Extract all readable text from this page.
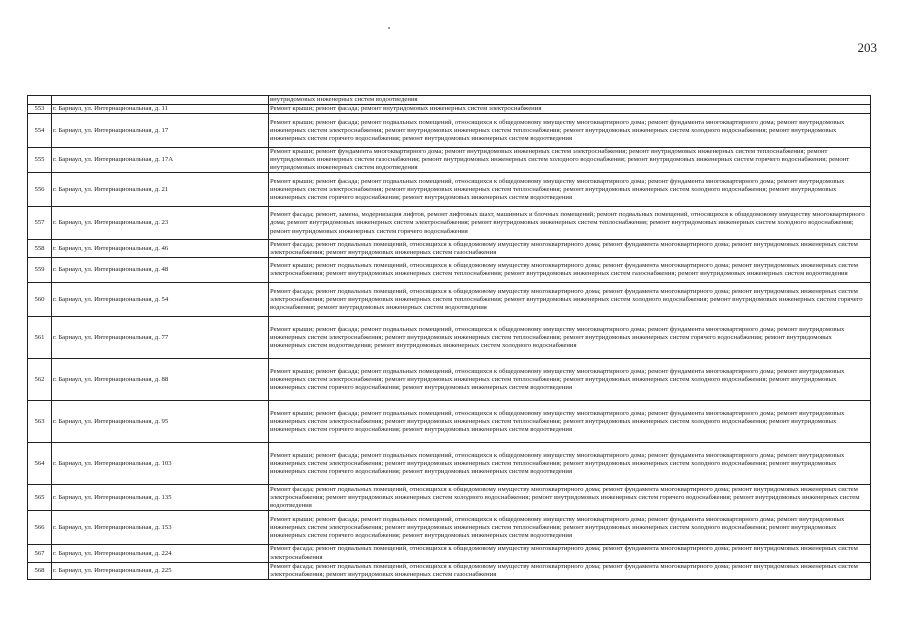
203
		внутридомовых инженерных систем водоотведения
553	г. Барнаул, ул. Интернациональная, д. 11	Ремонт крыши; ремонт фасада; ремонт внутридомовых инженерных систем электроснабжения
554	г. Барнаул, ул. Интернациональная, д. 17	Ремонт крыши; ремонт фасада; ремонт подвальных помещений, относящихся к общедомовому имуществу многоквартирного дома; ремонт фундамента многоквартирного дома; ремонт внутридомовых инженерных систем электроснабжения; ремонт внутридомовых инженерных систем теплоснабжения; ремонт внутридомовых инженерных систем холодного водоснабжения; ремонт внутридомовых инженерных систем горячего водоснабжения; ремонт внутридомовых инженерных систем водоотведения
555	г. Барнаул, ул. Интернациональная, д. 17А	Ремонт крыши; ремонт фундамента многоквартирного дома; ремонт внутридомовых инженерных систем электроснабжения; ремонт внутридомовых инженерных систем теплоснабжения; ремонт внутридомовых инженерных систем газоснабжения; ремонт внутридомовых инженерных систем холодного водоснабжения; ремонт внутридомовых инженерных систем горячего водоснабжения; ремонт внутридомовых инженерных систем водоотведения
556	г. Барнаул, ул. Интернациональная, д. 21	Ремонт крыши; ремонт фасада; ремонт подвальных помещений, относящихся к общедомовому имуществу многоквартирного дома; ремонт фундамента многоквартирного дома; ремонт внутридомовых инженерных систем электроснабжения; ремонт внутридомовых инженерных систем теплоснабжения; ремонт внутридомовых инженерных систем холодного водоснабжения; ремонт внутридомовых инженерных систем горячего водоснабжения; ремонт внутридомовых инженерных систем водоотведения
557	г. Барнаул, ул. Интернациональная, д. 23	Ремонт фасада; ремонт, замена, модернизация лифтов, ремонт лифтовых шахт, машинных и блочных помещений; ремонт подвальных помещений, относящихся к общедомовому имуществу многоквартирного дома; ремонт внутридомовых инженерных систем электроснабжения; ремонт внутридомовых инженерных систем теплоснабжения; ремонт внутридомовых инженерных систем холодного водоснабжения; ремонт внутридомовых инженерных систем горячего водоснабжения
558	г. Барнаул, ул. Интернациональная, д. 46	Ремонт фасада; ремонт подвальных помещений, относящихся к общедомовому имуществу многоквартирного дома; ремонт фундамента многоквартирного дома; ремонт внутридомовых инженерных систем электроснабжения; ремонт внутридомовых инженерных систем газоснабжения
559	г. Барнаул, ул. Интернациональная, д. 48	Ремонт крыши; ремонт подвальных помещений, относящихся к общедомовому имуществу многоквартирного дома; ремонт фундамента многоквартирного дома; ремонт внутридомовых инженерных систем электроснабжения; ремонт внутридомовых инженерных систем теплоснабжения; ремонт внутридомовых инженерных систем газоснабжения; ремонт внутридомовых инженерных систем водоотведения
560	г. Барнаул, ул. Интернациональная, д. 54	Ремонт фасада; ремонт подвальных помещений, относящихся к общедомовому имуществу многоквартирного дома; ремонт фундамента многоквартирного дома; ремонт внутридомовых инженерных систем электроснабжения; ремонт внутридомовых инженерных систем теплоснабжения; ремонт внутридомовых инженерных систем холодного водоснабжения; ремонт внутридомовых инженерных систем горячего водоснабжения; ремонт внутридомовых инженерных систем водоотведения
561	г. Барнаул, ул. Интернациональная, д. 77	Ремонт крыши; ремонт фасада; ремонт подвальных помещений, относящихся к общедомовому имуществу многоквартирного дома; ремонт фундамента многоквартирного дома; ремонт внутридомовых инженерных систем электроснабжения; ремонт внутридомовых инженерных систем теплоснабжения; ремонт внутридомовых инженерных систем горячего водоснабжения; ремонт внутридомовых инженерных систем водоотведения; ремонт внутридомовых инженерных систем холодного водоснабжения
562	г. Барнаул, ул. Интернациональная, д. 88	Ремонт крыши; ремонт фасада; ремонт подвальных помещений, относящихся к общедомовому имуществу многоквартирного дома; ремонт фундамента многоквартирного дома; ремонт внутридомовых инженерных систем электроснабжения; ремонт внутридомовых инженерных систем теплоснабжения; ремонт внутридомовых инженерных систем холодного водоснабжения; ремонт внутридомовых инженерных систем горячего водоснабжения; ремонт внутридомовых инженерных систем водоотведения
563	г. Барнаул, ул. Интернациональная, д. 95	Ремонт крыши; ремонт фасада; ремонт подвальных помещений, относящихся к общедомовому имуществу многоквартирного дома; ремонт фундамента многоквартирного дома; ремонт внутридомовых инженерных систем электроснабжения; ремонт внутридомовых инженерных систем теплоснабжения; ремонт внутридомовых инженерных систем холодного водоснабжения; ремонт внутридомовых инженерных систем горячего водоснабжения; ремонт внутридомовых инженерных систем водоотведения
564	г. Барнаул, ул. Интернациональная, д. 103	Ремонт крыши; ремонт фасада; ремонт подвальных помещений, относящихся к общедомовому имуществу многоквартирного дома; ремонт фундамента многоквартирного дома; ремонт внутридомовых инженерных систем электроснабжения; ремонт внутридомовых инженерных систем теплоснабжения; ремонт внутридомовых инженерных систем холодного водоснабжения; ремонт внутридомовых инженерных систем горячего водоснабжения; ремонт внутридомовых инженерных систем водоотведения
565	г. Барнаул, ул. Интернациональная, д. 135	Ремонт фасада; ремонт подвальных помещений, относящихся к общедомовому имуществу многоквартирного дома; ремонт фундамента многоквартирного дома; ремонт внутридомовых инженерных систем электроснабжения; ремонт внутридомовых инженерных систем холодного водоснабжения; ремонт внутридомовых инженерных систем горячего водоснабжения; ремонт внутридомовых инженерных систем водоотведения
566	г. Барнаул, ул. Интернациональная, д. 153	Ремонт крыши; ремонт фасада; ремонт подвальных помещений, относящихся к общедомовому имуществу многоквартирного дома; ремонт фундамента многоквартирного дома; ремонт внутридомовых инженерных систем электроснабжения; ремонт внутридомовых инженерных систем теплоснабжения; ремонт внутридомовых инженерных систем холодного водоснабжения; ремонт внутридомовых инженерных систем горячего водоснабжения; ремонт внутридомовых инженерных систем водоотведения
567	г. Барнаул, ул. Интернациональная, д. 224	Ремонт фасада; ремонт подвальных помещений, относящихся к общедомовому имуществу многоквартирного дома; ремонт фундамента многоквартирного дома; ремонт внутридомовых инженерных систем электроснабжения
568	г. Барнаул, ул. Интернациональная, д. 225	Ремонт фасада; ремонт подвальных помещений, относящихся к общедомовому имуществу многоквартирного дома; ремонт фундамента многоквартирного дома; ремонт внутридомовых инженерных систем электроснабжения; ремонт внутридомовых инженерных систем газоснабжения
